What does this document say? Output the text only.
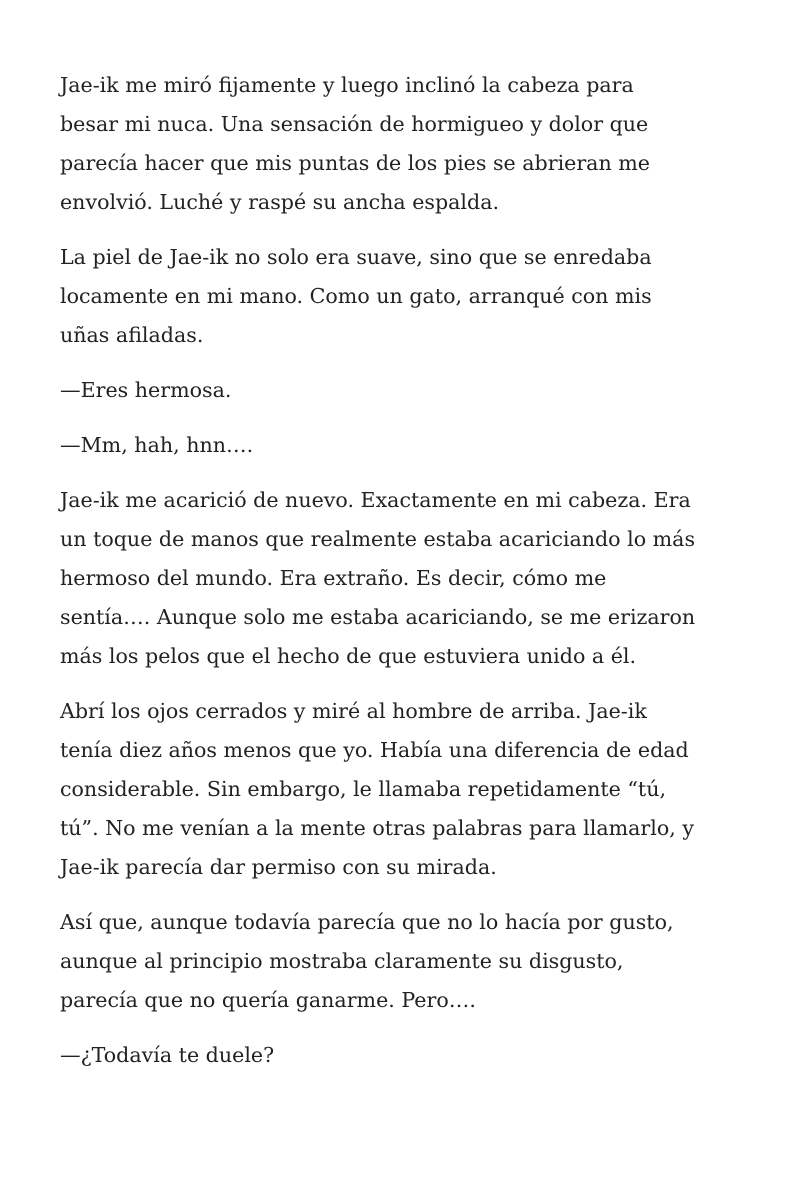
Jae-ik me miró fijamente y luego inclinó la cabeza para
besar mi nuca. Una sensación de hormigueo y dolor que
parecía hacer que mis puntas de los pies se abrieran me
envolvió. Luché y raspé su ancha espalda.

La piel de Jae-ik no solo era suave, sino que se enredaba
locamente en mi mano. Como un gato, arranqué con mis
uñas afiladas.

—Eres hermosa.

—Mm, hah, hnn….

Jae-ik me acarició de nuevo. Exactamente en mi cabeza. Era
un toque de manos que realmente estaba acariciando lo más
hermoso del mundo. Era extraño. Es decir, cómo me
sentía…. Aunque solo me estaba acariciando, se me erizaron
más los pelos que el hecho de que estuviera unido a él.

Abrí los ojos cerrados y miré al hombre de arriba. Jae-ik
tenía diez años menos que yo. Había una diferencia de edad
considerable. Sin embargo, le llamaba repetidamente “tú,
tú”. No me venían a la mente otras palabras para llamarlo, y
Jae-ik parecía dar permiso con su mirada.

Así que, aunque todavía parecía que no lo hacía por gusto,
aunque al principio mostraba claramente su disgusto,
parecía que no quería ganarme. Pero….

—¿Todavía te duele?
